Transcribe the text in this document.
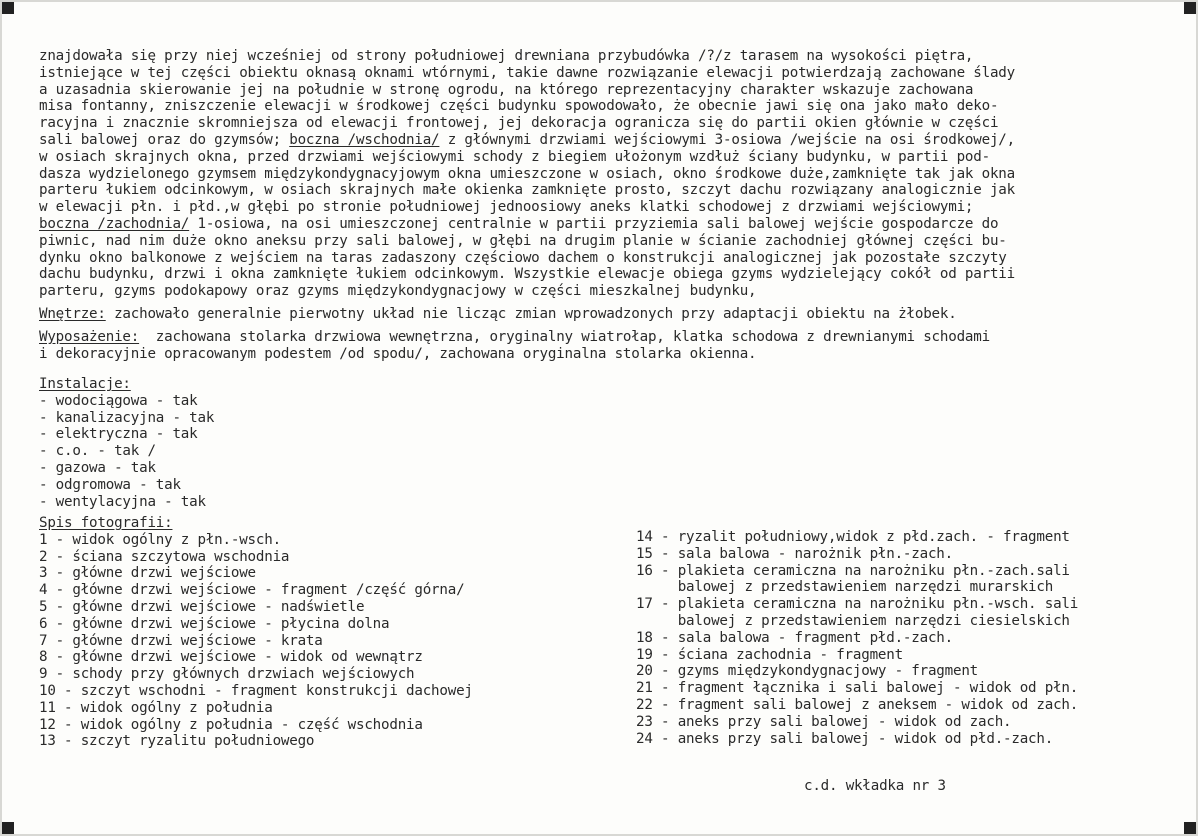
znajdowała się przy niej wcześniej od strony południowej drewniana przybudówka /?/z tarasem na wysokości piętra,
istniejące w tej części obiektu oknasą oknami wtórnymi, takie dawne rozwiązanie elewacji potwierdzają zachowane ślady
a uzasadnia skierowanie jej na południe w stronę ogrodu, na którego reprezentacyjny charakter wskazuje zachowana
misa fontanny, zniszczenie elewacji w środkowej części budynku spowodowało, że obecnie jawi się ona jako mało deko-
racyjna i znacznie skromniejsza od elewacji frontowej, jej dekoracja ogranicza się do partii okien głównie w części
sali balowej oraz do gzymsów; boczna /wschodnia/ z głównymi drzwiami wejściowymi 3-osiowa /wejście na osi środkowej/,
w osiach skrajnych okna, przed drzwiami wejściowymi schody z biegiem ułożonym wzdłuż ściany budynku, w partii pod-
dasza wydzielonego gzymsem międzykondygnacyjowym okna umieszczone w osiach, okno środkowe duże,zamknięte tak jak okna
parteru łukiem odcinkowym, w osiach skrajnych małe okienka zamknięte prosto, szczyt dachu rozwiązany analogicznie jak
w elewacji płn. i płd.,w głębi po stronie południowej jednoosiowy aneks klatki schodowej z drzwiami wejściowymi;
boczna /zachodnia/ 1-osiowa, na osi umieszczonej centralnie w partii przyziemia sali balowej wejście gospodarcze do
piwnic, nad nim duże okno aneksu przy sali balowej, w głębi na drugim planie w ścianie zachodniej głównej części bu-
dynku okno balkonowe z wejściem na taras zadaszony częściowo dachem o konstrukcji analogicznej jak pozostałe szczyty
dachu budynku, drzwi i okna zamknięte łukiem odcinkowym. Wszystkie elewacje obiega gzyms wydzielejący cokół od partii
parteru, gzyms podokapowy oraz gzyms międzykondygnacjowy w części mieszkalnej budynku,
Wnętrze: zachowało generalnie pierwotny układ nie licząc zmian wprowadzonych przy adaptacji obiektu na żłobek.
Wyposażenie:  zachowana stolarka drzwiowa wewnętrzna, oryginalny wiatrołap, klatka schodowa z drewnianymi schodami
i dekoracyjnie opracowanym podestem /od spodu/, zachowana oryginalna stolarka okienna.
Instalacje:
- wodociągowa - tak
- kanalizacyjna - tak
- elektryczna - tak
- c.o. - tak /
- gazowa - tak
- odgromowa - tak
- wentylacyjna - tak
Spis fotografii:
1 - widok ogólny z płn.-wsch.
2 - ściana szczytowa wschodnia
3 - główne drzwi wejściowe
4 - główne drzwi wejściowe - fragment /część górna/
5 - główne drzwi wejściowe - nadświetle
6 - główne drzwi wejściowe - płycina dolna
7 - główne drzwi wejściowe - krata
8 - główne drzwi wejściowe - widok od wewnątrz
9 - schody przy głównych drzwiach wejściowych
10 - szczyt wschodni - fragment konstrukcji dachowej
11 - widok ogólny z południa
12 - widok ogólny z południa - część wschodnia
13 - szczyt ryzalitu południowego
14 - ryzalit południowy,widok z płd.zach. - fragment
15 - sala balowa - narożnik płn.-zach.
16 - plakieta ceramiczna na narożniku płn.-zach.sali
balowej z przedstawieniem narzędzi murarskich
17 - plakieta ceramiczna na narożniku płn.-wsch. sali
balowej z przedstawieniem narzędzi ciesielskich
18 - sala balowa - fragment płd.-zach.
19 - ściana zachodnia - fragment
20 - gzyms międzykondygnacjowy - fragment
21 - fragment łącznika i sali balowej - widok od płn.
22 - fragment sali balowej z aneksem - widok od zach.
23 - aneks przy sali balowej - widok od zach.
24 - aneks przy sali balowej - widok od płd.-zach.
c.d. wkładka nr 3
